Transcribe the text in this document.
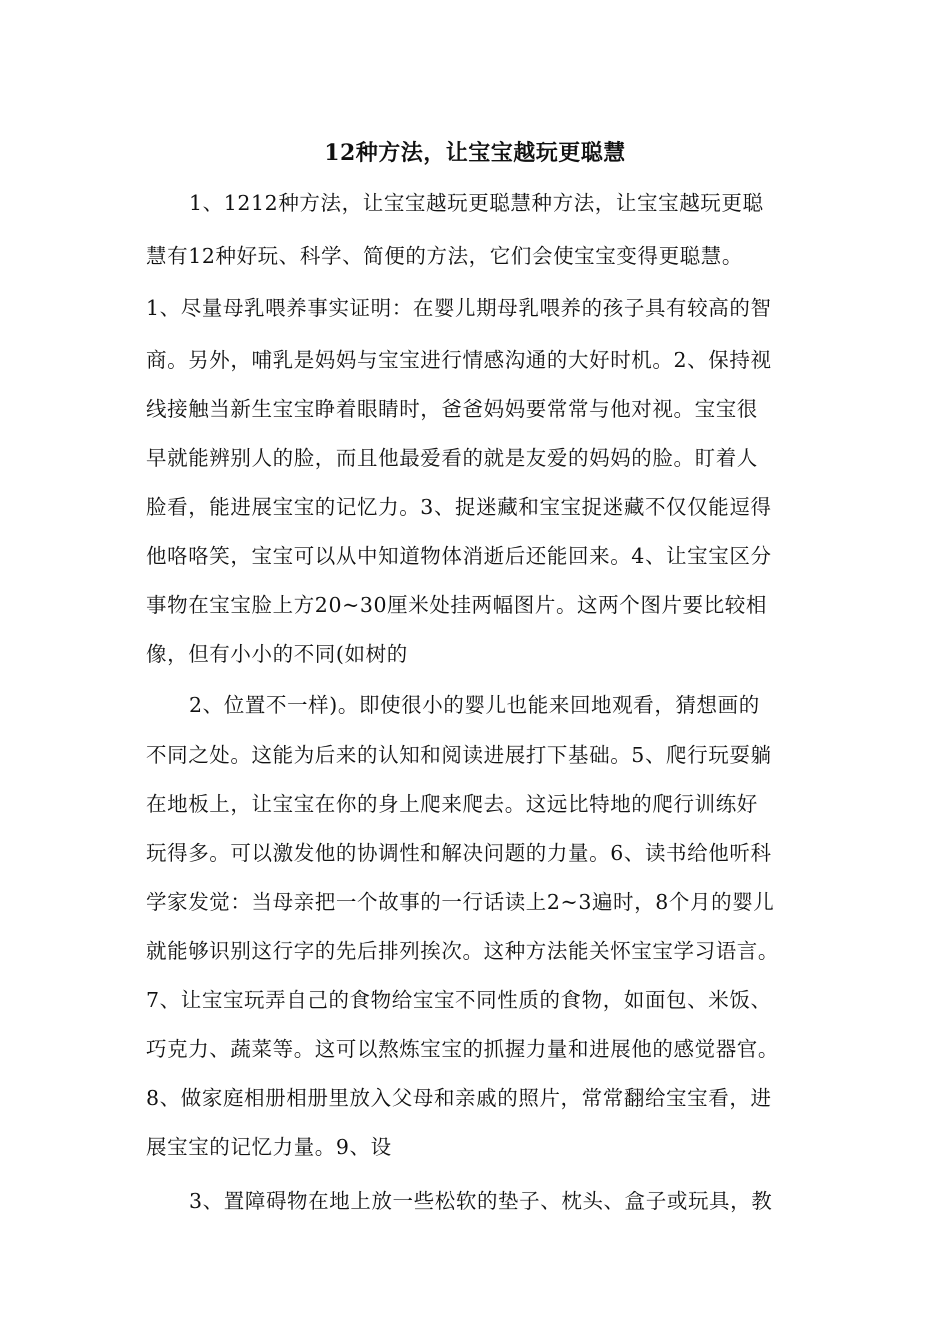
12种方法，让宝宝越玩更聪慧

1、1212种方法，让宝宝越玩更聪慧种方法，让宝宝越玩更聪

慧有12种好玩、科学、简便的方法，它们会使宝宝变得更聪慧。

1、尽量母乳喂养事实证明：在婴儿期母乳喂养的孩子具有较高的智

商。另外，哺乳是妈妈与宝宝进行情感沟通的大好时机。2、保持视

线接触当新生宝宝睁着眼睛时，爸爸妈妈要常常与他对视。宝宝很

早就能辨别人的脸，而且他最爱看的就是友爱的妈妈的脸。盯着人

脸看，能进展宝宝的记忆力。3、捉迷藏和宝宝捉迷藏不仅仅能逗得

他咯咯笑，宝宝可以从中知道物体消逝后还能回来。4、让宝宝区分

事物在宝宝脸上方20~30厘米处挂两幅图片。这两个图片要比较相

像，但有小小的不同(如树的

2、位置不一样)。即使很小的婴儿也能来回地观看，猜想画的

不同之处。这能为后来的认知和阅读进展打下基础。5、爬行玩耍躺

在地板上，让宝宝在你的身上爬来爬去。这远比特地的爬行训练好

玩得多。可以激发他的协调性和解决问题的力量。6、读书给他听科

学家发觉：当母亲把一个故事的一行话读上2~3遍时，8个月的婴儿

就能够识别这行字的先后排列挨次。这种方法能关怀宝宝学习语言。

7、让宝宝玩弄自己的食物给宝宝不同性质的食物，如面包、米饭、

巧克力、蔬菜等。这可以熬炼宝宝的抓握力量和进展他的感觉器官。

8、做家庭相册相册里放入父母和亲戚的照片，常常翻给宝宝看，进

展宝宝的记忆力量。9、设

3、置障碍物在地上放一些松软的垫子、枕头、盒子或玩具，教
